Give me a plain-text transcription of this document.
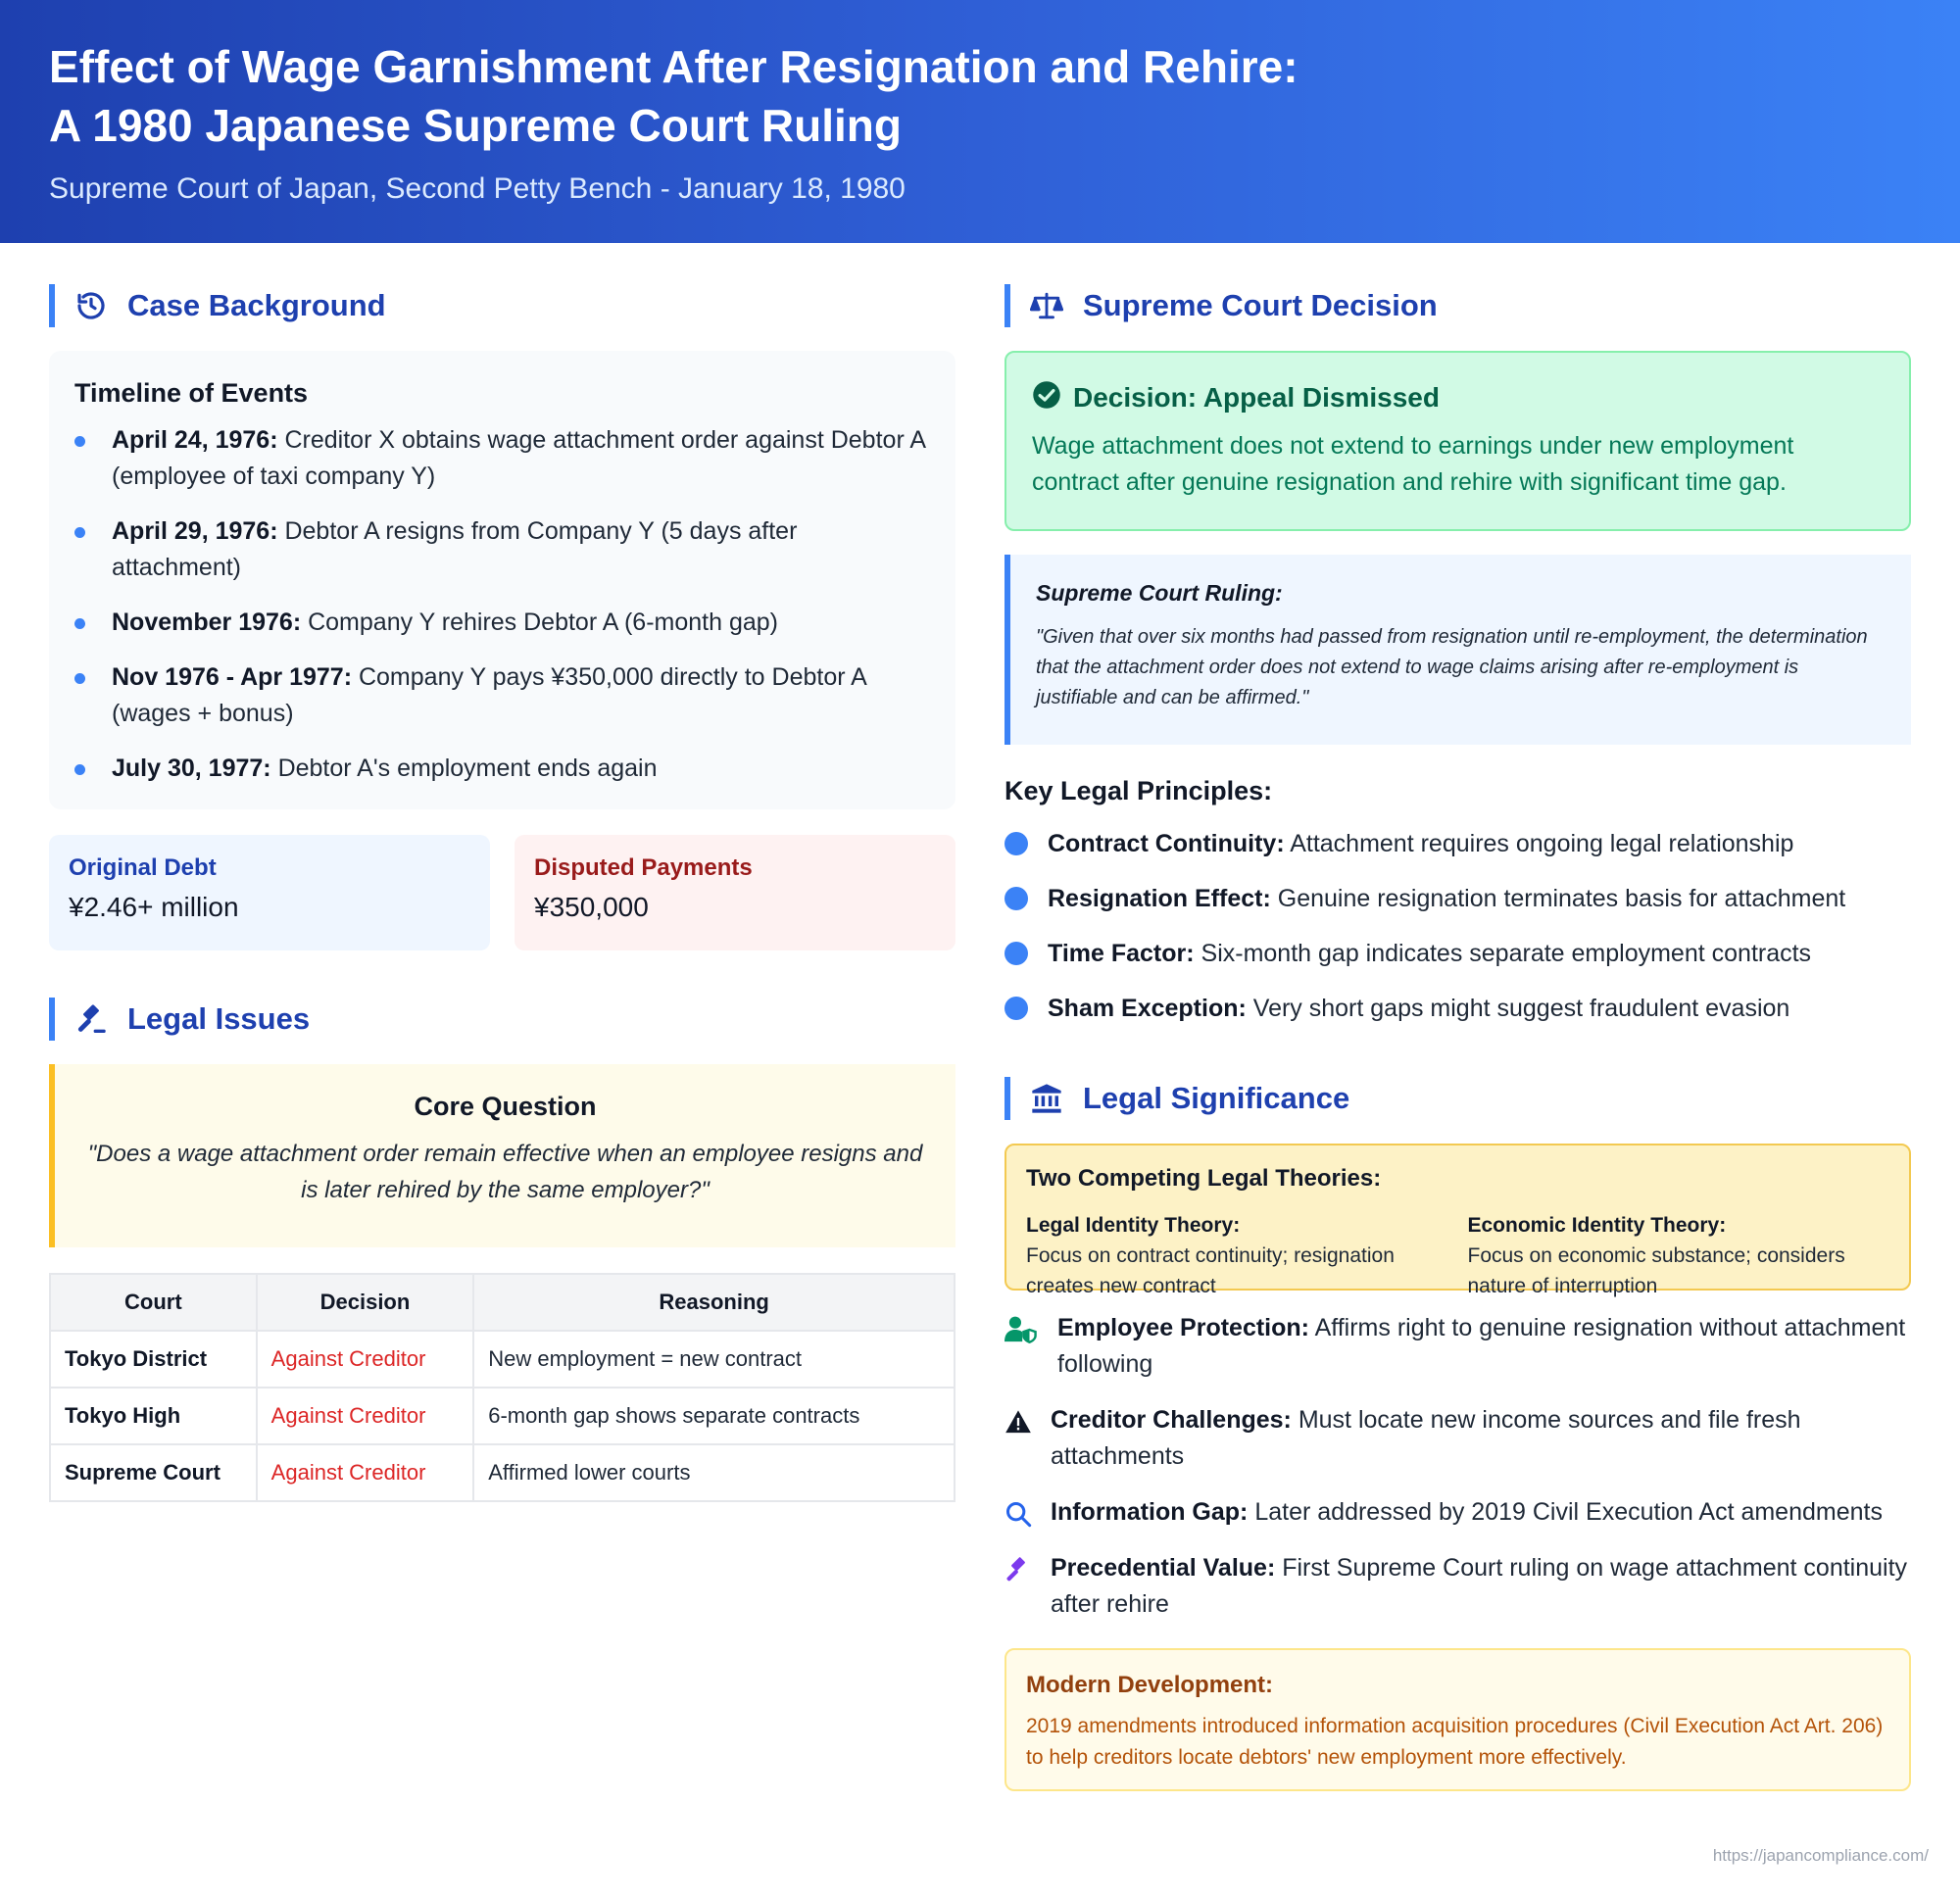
Effect of Wage Garnishment After Resignation and Rehire:
A 1980 Japanese Supreme Court Ruling
Supreme Court of Japan, Second Petty Bench - January 18, 1980
Case Background
Timeline of Events
April 24, 1976: Creditor X obtains wage attachment order against Debtor A (employee of taxi company Y)
April 29, 1976: Debtor A resigns from Company Y (5 days after attachment)
November 1976: Company Y rehires Debtor A (6-month gap)
Nov 1976 - Apr 1977: Company Y pays ¥350,000 directly to Debtor A (wages + bonus)
July 30, 1977: Debtor A's employment ends again
Original Debt
¥2.46+ million
Disputed Payments
¥350,000
Legal Issues
Core Question

"Does a wage attachment order remain effective when an employee resigns and is later rehired by the same employer?"

Court	Decision	Reasoning
Tokyo District	Against Creditor	New employment = new contract
Tokyo High	Against Creditor	6-month gap shows separate contracts
Supreme Court	Against Creditor	Affirmed lower courts
Supreme Court Decision
Decision: Appeal Dismissed

Wage attachment does not extend to earnings under new employment contract after genuine resignation and rehire with significant time gap.

Supreme Court Ruling:

"Given that over six months had passed from resignation until re-employment, the determination that the attachment order does not extend to wage claims arising after re-employment is justifiable and can be affirmed."

Key Legal Principles:
Contract Continuity: Attachment requires ongoing legal relationship
Resignation Effect: Genuine resignation terminates basis for attachment
Time Factor: Six-month gap indicates separate employment contracts
Sham Exception: Very short gaps might suggest fraudulent evasion
Legal Significance
Two Competing Legal Theories:
Legal Identity Theory:
Focus on contract continuity; resignation creates new contract
Economic Identity Theory:
Focus on economic substance; considers nature of interruption
Employee Protection: Affirms right to genuine resignation without attachment following
Creditor Challenges: Must locate new income sources and file fresh attachments
Information Gap: Later addressed by 2019 Civil Execution Act amendments
Precedential Value: First Supreme Court ruling on wage attachment continuity after rehire
Modern Development:

2019 amendments introduced information acquisition procedures (Civil Execution Act Art. 206) to help creditors locate debtors' new employment more effectively.

https://japancompliance.com/
